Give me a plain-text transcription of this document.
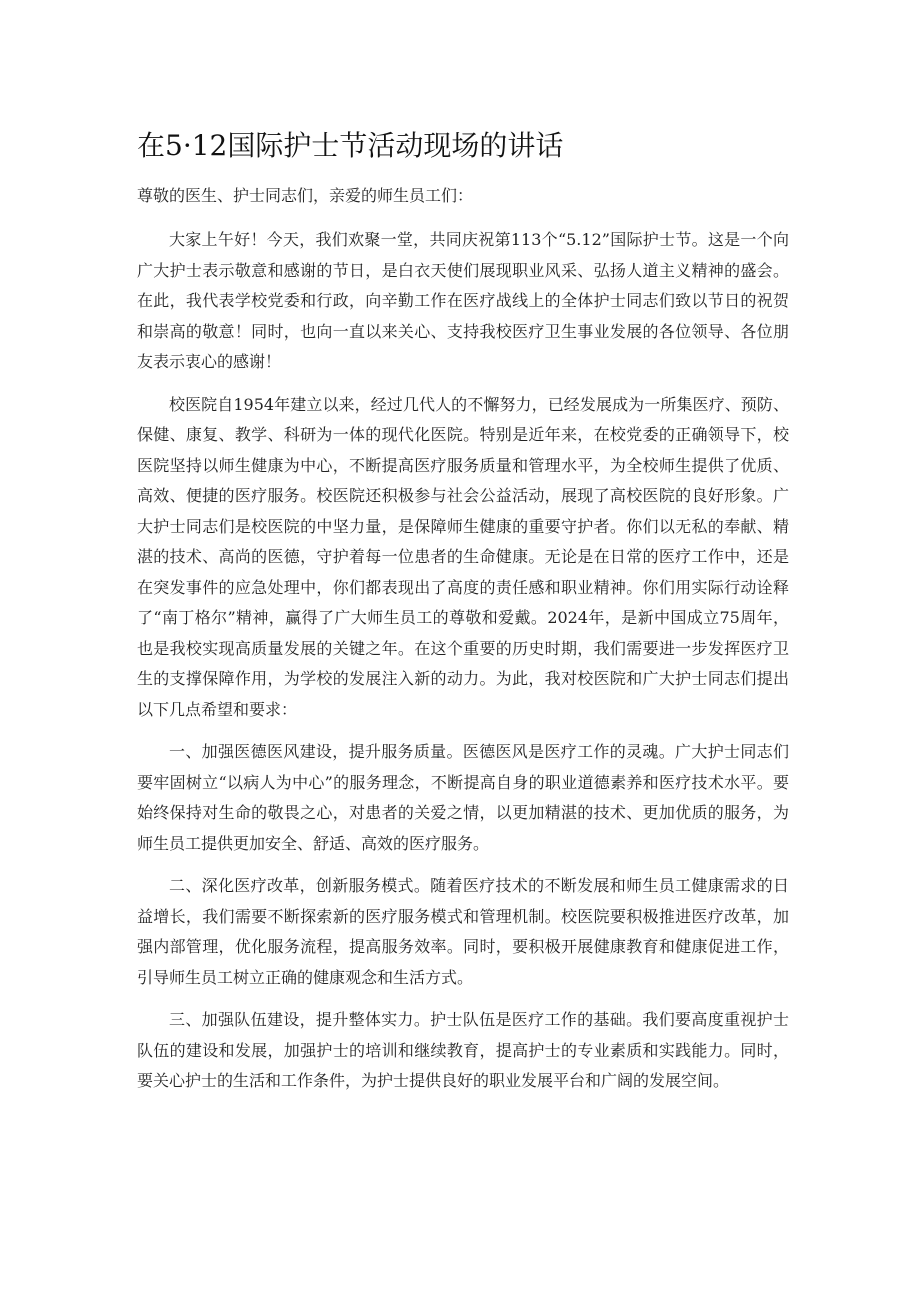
在5·12国际护士节活动现场的讲话

尊敬的医生、护士同志们，亲爱的师生员工们：

大家上午好！今天，我们欢聚一堂，共同庆祝第113个“5.12”国际护士节。这是一个向广大护士表示敬意和感谢的节日，是白衣天使们展现职业风采、弘扬人道主义精神的盛会。在此，我代表学校党委和行政，向辛勤工作在医疗战线上的全体护士同志们致以节日的祝贺和崇高的敬意！同时，也向一直以来关心、支持我校医疗卫生事业发展的各位领导、各位朋友表示衷心的感谢！

校医院自1954年建立以来，经过几代人的不懈努力，已经发展成为一所集医疗、预防、保健、康复、教学、科研为一体的现代化医院。特别是近年来，在校党委的正确领导下，校医院坚持以师生健康为中心，不断提高医疗服务质量和管理水平，为全校师生提供了优质、高效、便捷的医疗服务。校医院还积极参与社会公益活动，展现了高校医院的良好形象。广大护士同志们是校医院的中坚力量，是保障师生健康的重要守护者。你们以无私的奉献、精湛的技术、高尚的医德，守护着每一位患者的生命健康。无论是在日常的医疗工作中，还是在突发事件的应急处理中，你们都表现出了高度的责任感和职业精神。你们用实际行动诠释了“南丁格尔”精神，赢得了广大师生员工的尊敬和爱戴。2024年，是新中国成立75周年，也是我校实现高质量发展的关键之年。在这个重要的历史时期，我们需要进一步发挥医疗卫生的支撑保障作用，为学校的发展注入新的动力。为此，我对校医院和广大护士同志们提出以下几点希望和要求：

一、加强医德医风建设，提升服务质量。医德医风是医疗工作的灵魂。广大护士同志们要牢固树立“以病人为中心”的服务理念，不断提高自身的职业道德素养和医疗技术水平。要始终保持对生命的敬畏之心，对患者的关爱之情，以更加精湛的技术、更加优质的服务，为师生员工提供更加安全、舒适、高效的医疗服务。

二、深化医疗改革，创新服务模式。随着医疗技术的不断发展和师生员工健康需求的日益增长，我们需要不断探索新的医疗服务模式和管理机制。校医院要积极推进医疗改革，加强内部管理，优化服务流程，提高服务效率。同时，要积极开展健康教育和健康促进工作，引导师生员工树立正确的健康观念和生活方式。

三、加强队伍建设，提升整体实力。护士队伍是医疗工作的基础。我们要高度重视护士队伍的建设和发展，加强护士的培训和继续教育，提高护士的专业素质和实践能力。同时，要关心护士的生活和工作条件，为护士提供良好的职业发展平台和广阔的发展空间。
